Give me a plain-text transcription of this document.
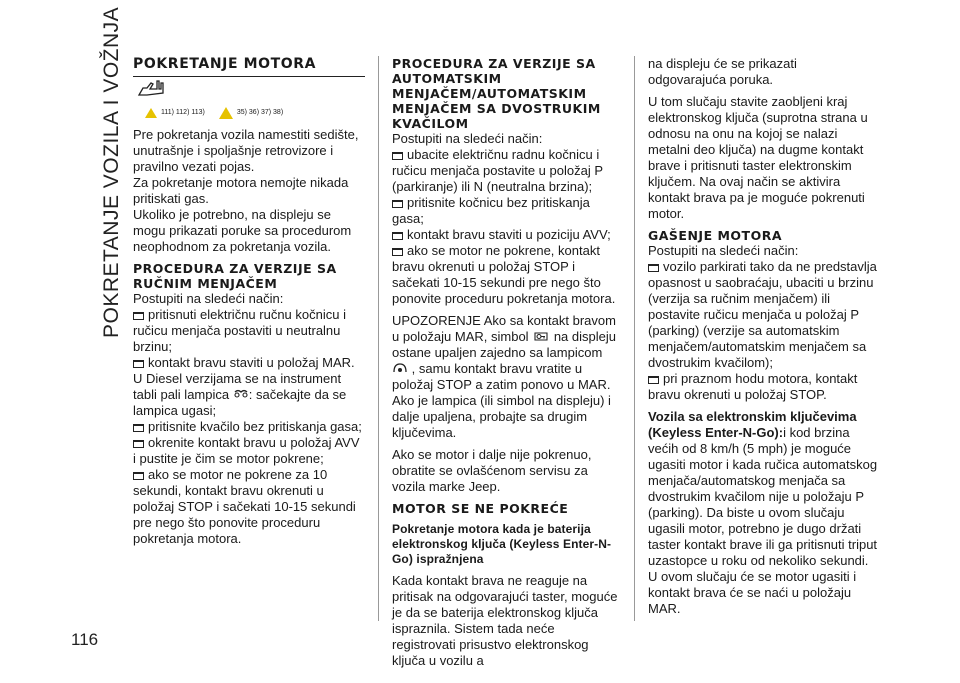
POKRETANJE VOZILA I VOŽNJA
116
POKRETANJE MOTORA
111) 112) 113)	35) 36) 37) 38)

Pre pokretanja vozila namestiti sedište, unutrašnje i spoljašnje retrovizore i pravilno vezati pojas.

Za pokretanje motora nemojte nikada pritiskati gas.

Ukoliko je potrebno, na displeju se mogu prikazati poruke sa procedurom neophodnom za pokretanja vozila.

PROCEDURA ZA VERZIJE SA RUČNIM MENJAČEM

Postupiti na sledeći način:

pritisnuti električnu ručnu kočnicu i ručicu menjača postaviti u neutralnu brzinu;

kontakt bravu staviti u položaj MAR. U Diesel verzijama se na instrument tabli pali lampica : sačekajte da se lampica ugasi;

pritisnite kvačilo bez pritiskanja gasa;

okrenite kontakt bravu u položaj AVV i pustite je čim se motor pokrene;

ako se motor ne pokrene za 10 sekundi, kontakt bravu okrenuti u položaj STOP i sačekati 10-15 sekundi pre nego što ponovite proceduru pokretanja motora.

PROCEDURA ZA VERZIJE SA AUTOMATSKIM MENJAČEM/AUTOMATSKIM MENJAČEM SA DVOSTRUKIM KVAČILOM

Postupiti na sledeći način:

ubacite električnu radnu kočnicu i ručicu menjača postavite u položaj P (parkiranje) ili N (neutralna brzina);

pritisnite kočnicu bez pritiskanja gasa;

kontakt bravu staviti u poziciju AVV;

ako se motor ne pokrene, kontakt bravu okrenuti u položaj STOP i sačekati 10-15 sekundi pre nego što ponovite proceduru pokretanja motora.

UPOZORENJE Ako sa kontakt bravom u položaju MAR, simbol na displeju ostane upaljen zajedno sa lampicom  , samu kontakt bravu vratite u položaj STOP a zatim ponovo u MAR. Ako je lampica (ili simbol na displeju) i dalje upaljena, probajte sa drugim ključevima.

Ako se motor i dalje nije pokrenuo, obratite se ovlašćenom servisu za vozila marke Jeep.

MOTOR SE NE POKREĆE
Pokretanje motora kada je baterija elektronskog ključa (Keyless Enter-N-Go) ispražnjena

Kada kontakt brava ne reaguje na pritisak na odgovarajući taster, moguće je da se baterija elektronskog ključa ispraznila. Sistem tada neće registrovati prisustvo elektronskog ključa u vozilu a

na displeju će se prikazati odgovarajuća poruka.

U tom slučaju stavite zaobljeni kraj elektronskog ključa (suprotna strana u odnosu na onu na kojoj se nalazi metalni deo ključa) na dugme kontakt brave i pritisnuti taster elektronskim ključem. Na ovaj način se aktivira kontakt brava pa je moguće pokrenuti motor.

GAŠENJE MOTORA

Postupiti na sledeći način:

vozilo parkirati tako da ne predstavlja opasnost u saobraćaju, ubaciti u brzinu (verzija sa ručnim menjačem) ili postavite ručicu menjača u položaj P (parking) (verzije sa automatskim menjačem/automatskim menjačem sa dvostrukim kvačilom);

pri praznom hodu motora, kontakt bravu okrenuti u položaj STOP.

Vozila sa elektronskim ključevima (Keyless Enter-N-Go):i kod brzina većih od 8 km/h (5 mph) je moguće ugasiti motor i kada ručica automatskog menjača/automatskog menjača sa dvostrukim kvačilom nije u položaju P (parking). Da biste u ovom slučaju ugasili motor, potrebno je dugo držati taster kontakt brave ili ga pritisnuti triput uzastopce u roku od nekoliko sekundi.

U ovom slučaju ćе se motor ugasiti i kontakt brava će se naći u položaju MAR.
